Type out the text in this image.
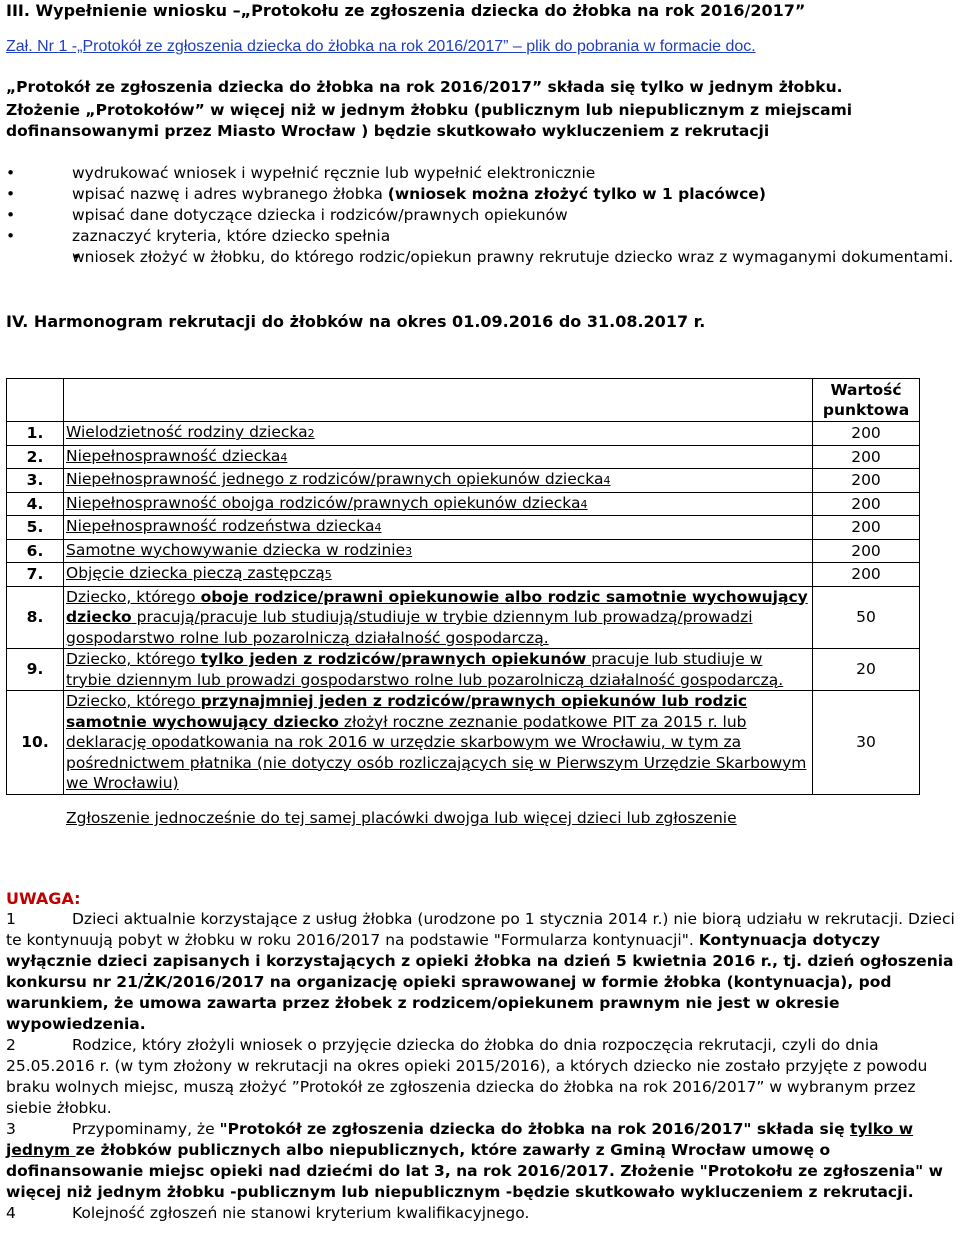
III. Wypełnienie wniosku –„Protokołu ze zgłoszenia dziecka do żłobka na rok 2016/2017”
Zał. Nr 1 -„Protokół ze zgłoszenia dziecka do żłobka na rok 2016/2017” – plik do pobrania w formacie doc.
„Protokół ze zgłoszenia dziecka do żłobka na rok 2016/2017” składa się tylko w jednym żłobku.
Złożenie „Protokołów” w więcej niż w jednym żłobku (publicznym lub niepublicznym z miejscami dofinansowanymi przez Miasto Wrocław ) będzie skutkowało wykluczeniem z rekrutacji
• wydrukować wniosek i wypełnić ręcznie lub wypełnić elektronicznie
• wpisać nazwę i adres wybranego żłobka (wniosek można złożyć tylko w 1 placówce)
• wpisać dane dotyczące dziecka i rodziców/prawnych opiekunów
• zaznaczyć kryteria, które dziecko spełnia
• wniosek złożyć w żłobku, do którego rodzic/opiekun prawny rekrutuje dziecko wraz z wymaganymi dokumentami.
IV. Harmonogram rekrutacji do żłobków na okres 01.09.2016 do 31.08.2017 r.
		Wartość punktowa
1.	Wielodzietność rodziny dziecka2	200
2.	Niepełnosprawność dziecka4	200
3.	Niepełnosprawność jednego z rodziców/prawnych opiekunów dziecka4	200
4.	Niepełnosprawność obojga rodziców/prawnych opiekunów dziecka4	200
5.	Niepełnosprawność rodzeństwa dziecka4	200
6.	Samotne wychowywanie dziecka w rodzinie3	200
7.	Objęcie dziecka pieczą zastępczą5	200
8.	Dziecko, którego oboje rodzice/prawni opiekunowie albo rodzic samotnie wychowujący dziecko pracują/pracuje lub studiują/studiuje w trybie dziennym lub prowadzą/prowadzi gospodarstwo rolne lub pozarolniczą działalność gospodarczą.	50
9.	Dziecko, którego tylko jeden z rodziców/prawnych opiekunów pracuje lub studiuje w trybie dziennym lub prowadzi gospodarstwo rolne lub pozarolniczą działalność gospodarczą.	20
10.	Dziecko, którego przynajmniej jeden z rodziców/prawnych opiekunów lub rodzic samotnie wychowujący dziecko złożył roczne zeznanie podatkowe PIT za 2015 r. lub deklarację opodatkowania na rok 2016 w urzędzie skarbowym we Wrocławiu, w tym za pośrednictwem płatnika (nie dotyczy osób rozliczających się w Pierwszym Urzędzie Skarbowym we Wrocławiu)	30
Zgłoszenie jednocześnie do tej samej placówki dwojga lub więcej dzieci lub zgłoszenie

UWAGA:

1	Dzieci aktualnie korzystające z usług żłobka (urodzone po 1 stycznia 2014 r.) nie biorą udziału w rekrutacji. Dzieci te kontynuują pobyt w żłobku w roku 2016/2017 na podstawie "Formularza kontynuacji". Kontynuacja dotyczy wyłącznie dzieci zapisanych i korzystających z opieki żłobka na dzień 5 kwietnia 2016 r., tj. dzień ogłoszenia konkursu nr 21/ŻK/2016/2017 na organizację opieki sprawowanej w formie żłobka (kontynuacja), pod warunkiem, że umowa zawarta przez żłobek z rodzicem/opiekunem prawnym nie jest w okresie wypowiedzenia.

2	Rodzice, który złożyli wniosek o przyjęcie dziecka do żłobka do dnia rozpoczęcia rekrutacji, czyli do dnia 25.05.2016 r. (w tym złożony w rekrutacji na okres opieki 2015/2016), a których dziecko nie zostało przyjęte z powodu braku wolnych miejsc, muszą złożyć ”Protokół ze zgłoszenia dziecka do żłobka na rok 2016/2017” w wybranym przez siebie żłobku.

3	Przypominamy, że "Protokół ze zgłoszenia dziecka do żłobka na rok 2016/2017" składa się tylko w jednym ze żłobków publicznych albo niepublicznych, które zawarły z Gminą Wrocław umowę o dofinansowanie miejsc opieki nad dziećmi do lat 3, na rok 2016/2017. Złożenie "Protokołu ze zgłoszenia" w więcej niż jednym żłobku -publicznym lub niepublicznym -będzie skutkowało wykluczeniem z rekrutacji.

4	Kolejność zgłoszeń nie stanowi kryterium kwalifikacyjnego.
